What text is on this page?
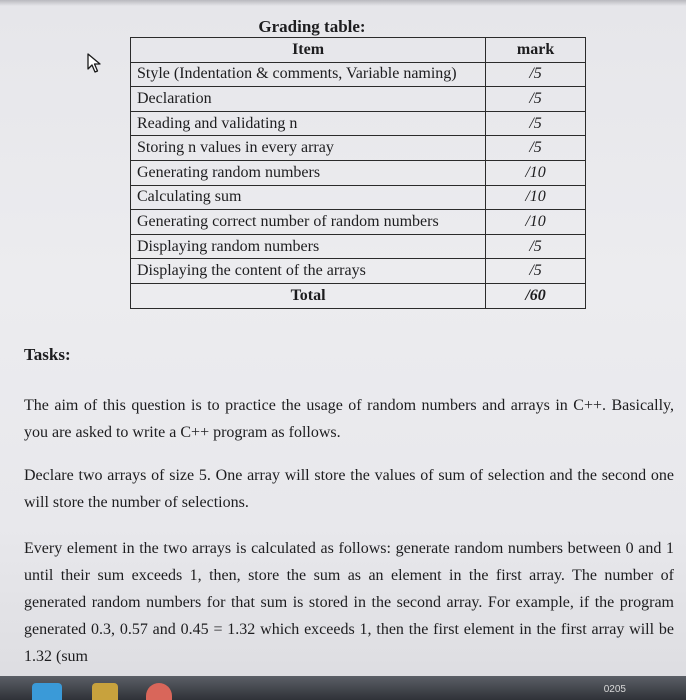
Grading table:
Item	mark
Style (Indentation & comments, Variable naming)	/5
Declaration	/5
Reading and validating n	/5
Storing n values in every array	/5
Generating random numbers	/10
Calculating sum	/10
Generating correct number of random numbers	/10
Displaying random numbers	/5
Displaying the content of the arrays	/5
Total	/60
Tasks:

The aim of this question is to practice the usage of random numbers and arrays in C++. Basically, you are asked to write a C++ program as follows.

Declare two arrays of size 5. One array will store the values of sum of selection and the second one will store the number of selections.

Every element in the two arrays is calculated as follows: generate random numbers between 0 and 1 until their sum exceeds 1, then, store the sum as an element in the first array. The number of generated random numbers for that sum is stored in the second array. For example, if the program generated 0.3, 0.57 and 0.45 = 1.32 which exceeds 1, then the first element in the first array will be 1.32 (sum

0205
